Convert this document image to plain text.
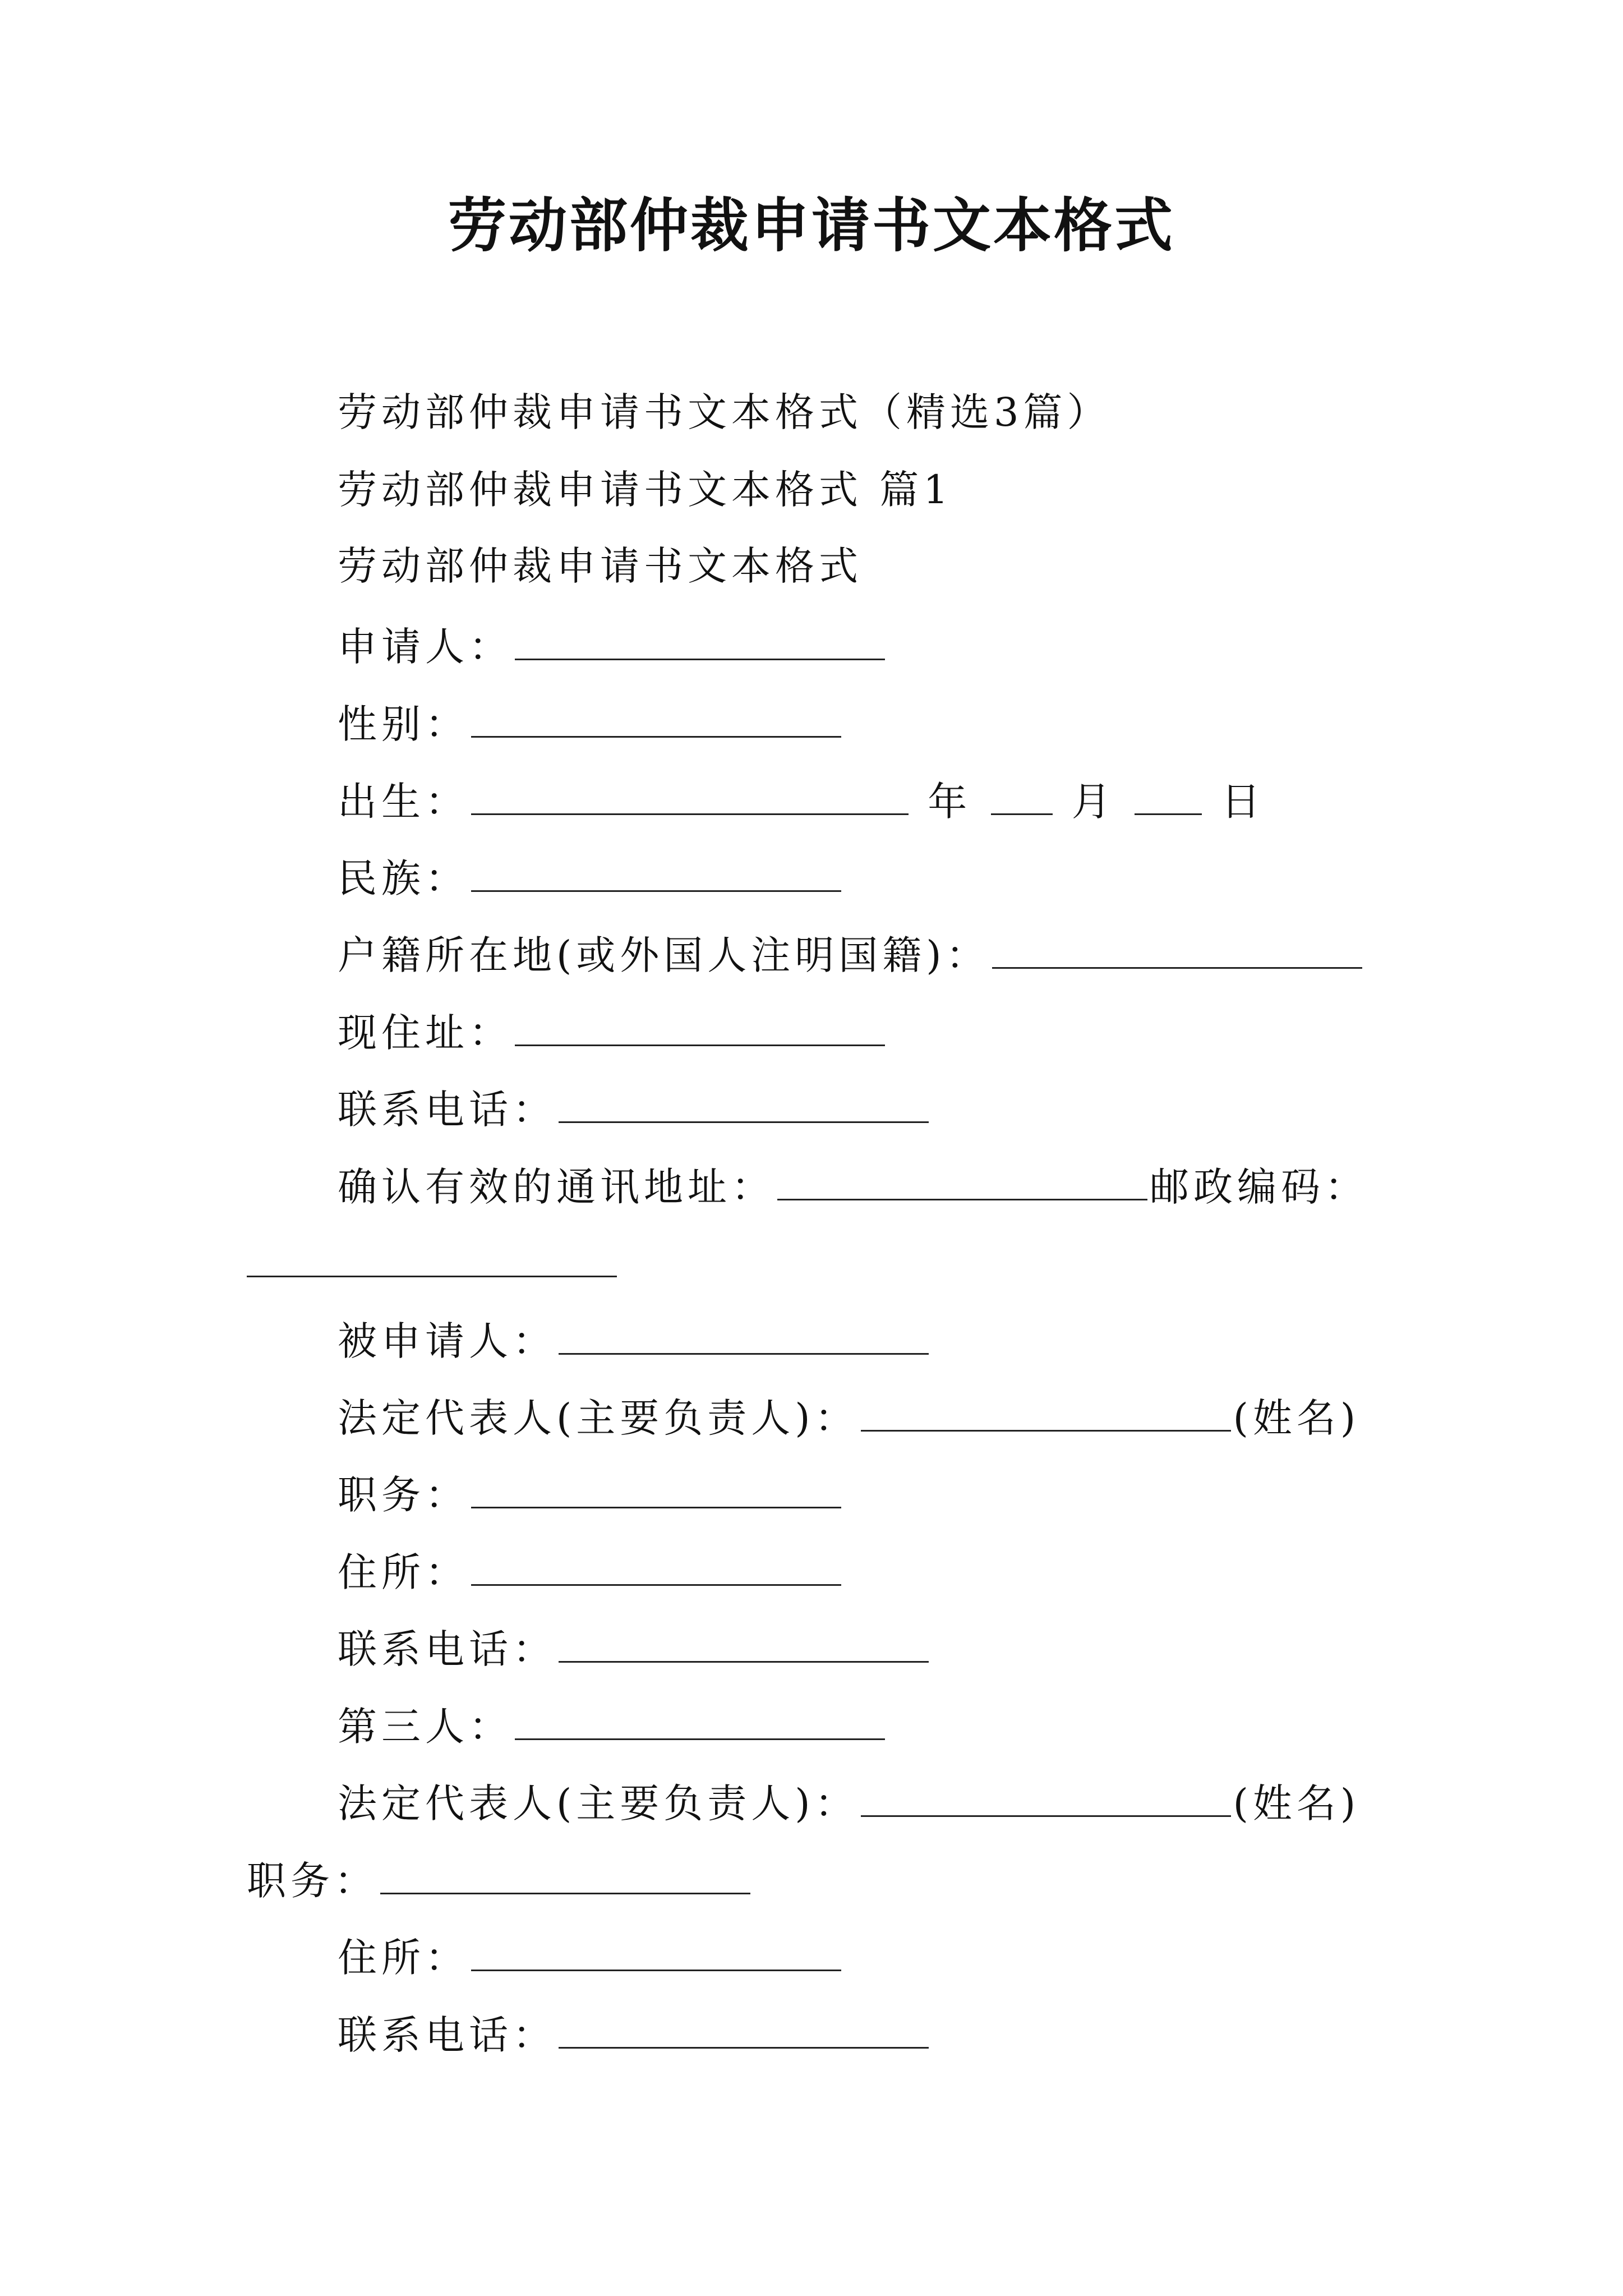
劳动部仲裁申请书文本格式
劳动部仲裁申请书文本格式（精选3篇）
劳动部仲裁申请书文本格式 篇1
劳动部仲裁申请书文本格式
申请人：
性别：
出生：	年	月	日
民族：
户籍所在地(或外国人注明国籍)：
现住址：
联系电话：
确认有效的通讯地址：	邮政编码：
被申请人：
法定代表人(主要负责人)：	(姓名)
职务：
住所：
联系电话：
第三人：
法定代表人(主要负责人)：	(姓名)
职务：
住所：
联系电话：
